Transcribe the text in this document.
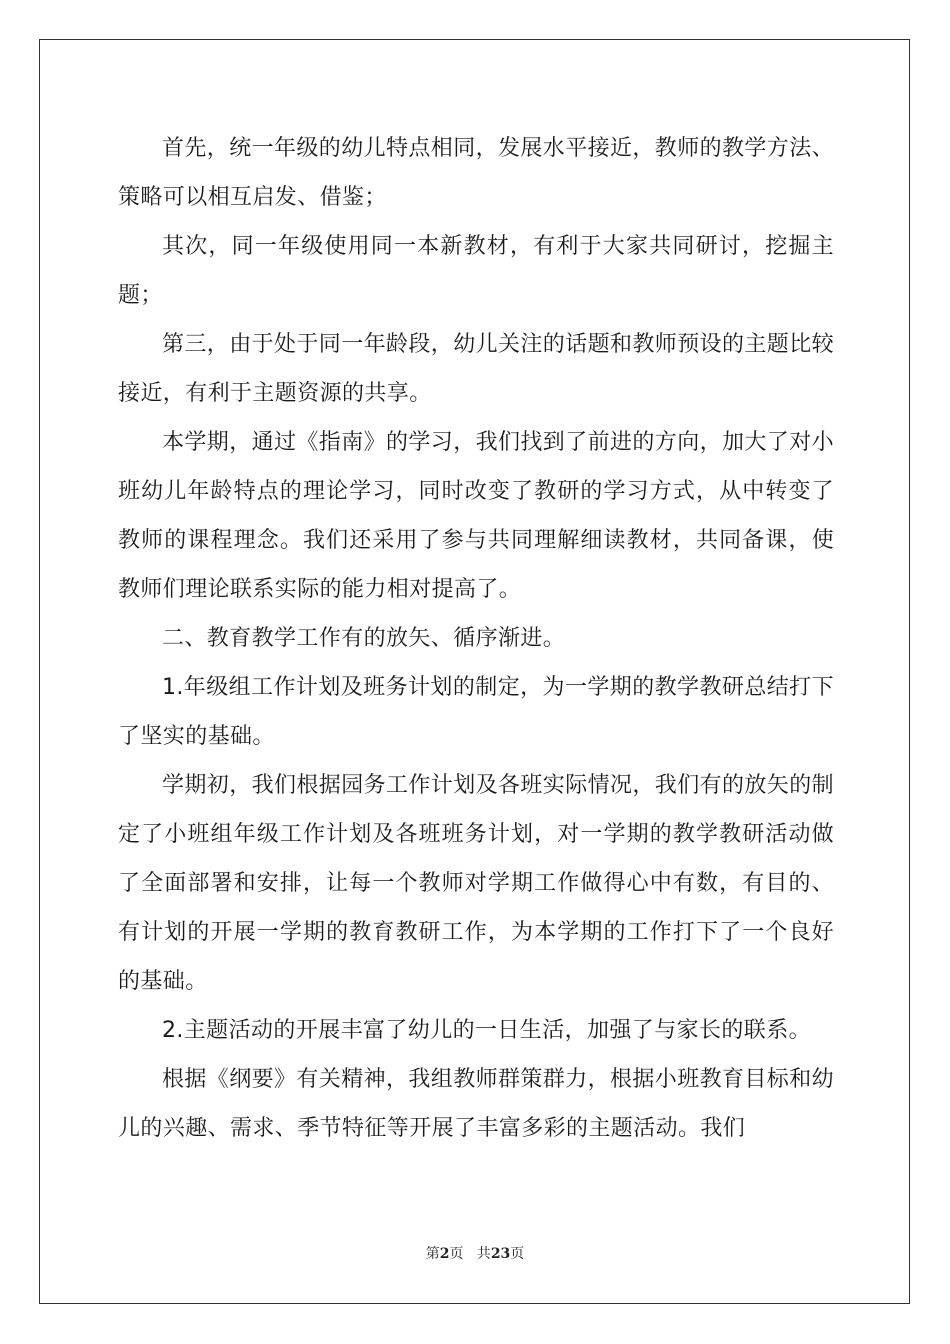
首先，统一年级的幼儿特点相同，发展水平接近，教师的教学方法、策略可以相互启发、借鉴；

其次，同一年级使用同一本新教材，有利于大家共同研讨，挖掘主题；

第三，由于处于同一年龄段，幼儿关注的话题和教师预设的主题比较接近，有利于主题资源的共享。

本学期，通过《指南》的学习，我们找到了前进的方向，加大了对小班幼儿年龄特点的理论学习，同时改变了教研的学习方式，从中转变了教师的课程理念。我们还采用了参与共同理解细读教材，共同备课，使教师们理论联系实际的能力相对提高了。

二、教育教学工作有的放矢、循序渐进。

1.年级组工作计划及班务计划的制定，为一学期的教学教研总结打下了坚实的基础。

学期初，我们根据园务工作计划及各班实际情况，我们有的放矢的制定了小班组年级工作计划及各班班务计划，对一学期的教学教研活动做了全面部署和安排，让每一个教师对学期工作做得心中有数，有目的、有计划的开展一学期的教育教研工作，为本学期的工作打下了一个良好的基础。

2.主题活动的开展丰富了幼儿的一日生活，加强了与家长的联系。

根据《纲要》有关精神，我组教师群策群力，根据小班教育目标和幼儿的兴趣、需求、季节特征等开展了丰富多彩的主题活动。我们

第2页   共23页
